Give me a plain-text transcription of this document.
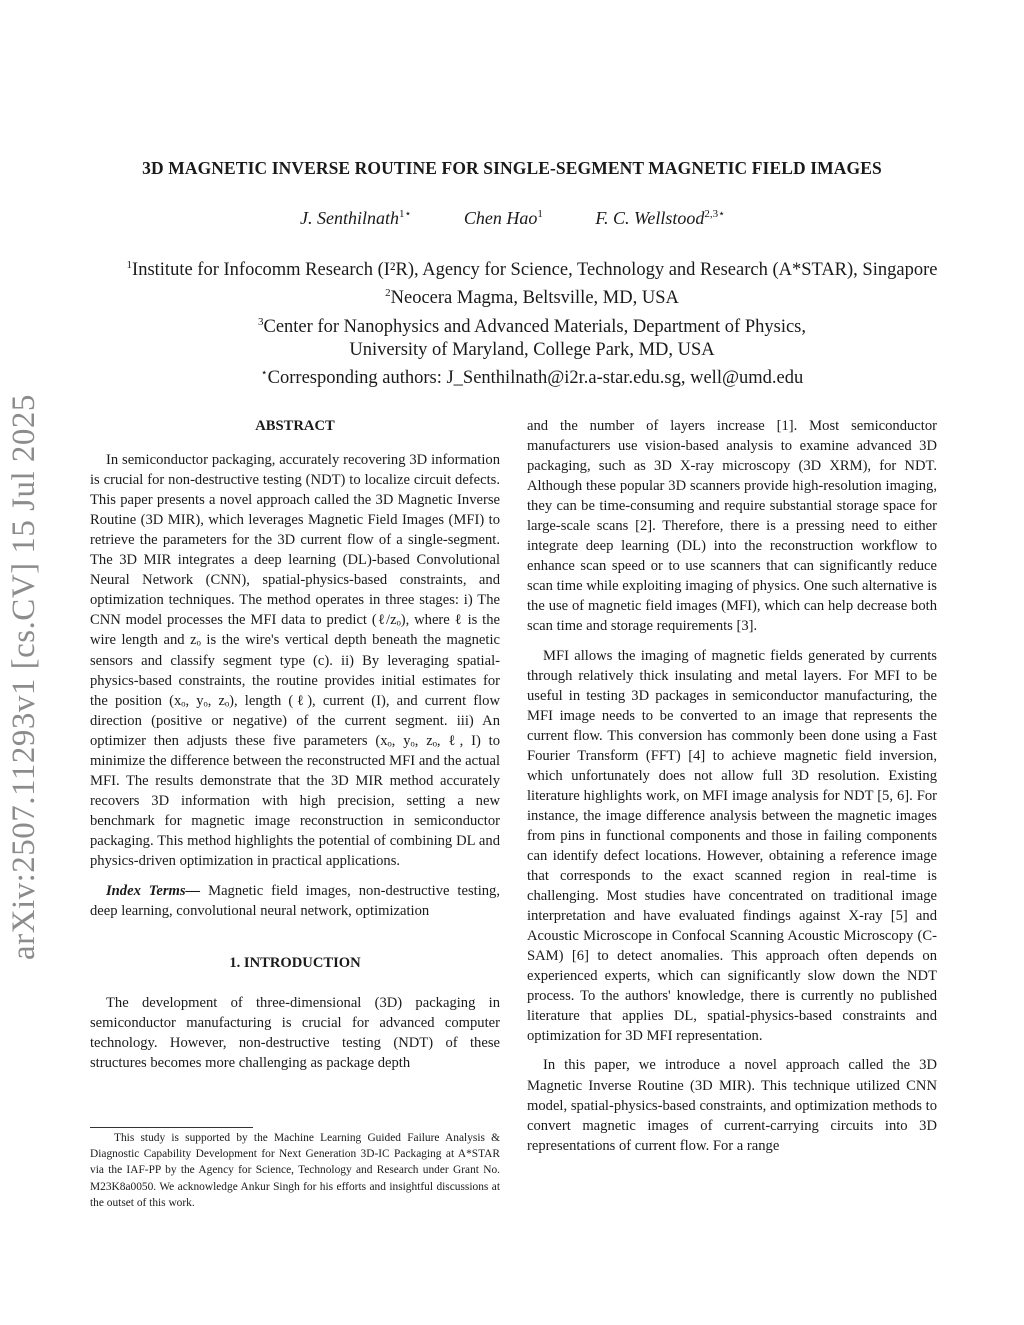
arXiv:2507.11293v1 [cs.CV] 15 Jul 2025
3D MAGNETIC INVERSE ROUTINE FOR SINGLE-SEGMENT MAGNETIC FIELD IMAGES
J. Senthilnath$^{1⋆}$	Chen Hao$^1$	F. C. Wellstood$^{2,3⋆}$
$^1$Institute for Infocomm Research (I²R), Agency for Science, Technology and Research (A*STAR), Singapore
$^2$Neocera Magma, Beltsville, MD, USA
$^3$Center for Nanophysics and Advanced Materials, Department of Physics,
University of Maryland, College Park, MD, USA
⋆Corresponding authors: J_Senthilnath@i2r.a-star.edu.sg, well@umd.edu
ABSTRACT

In semiconductor packaging, accurately recovering 3D information is crucial for non-destructive testing (NDT) to localize circuit defects. This paper presents a novel approach called the 3D Magnetic Inverse Routine (3D MIR), which leverages Magnetic Field Images (MFI) to retrieve the parameters for the 3D current flow of a single-segment. The 3D MIR integrates a deep learning (DL)-based Convolutional Neural Network (CNN), spatial-physics-based constraints, and optimization techniques. The method operates in three stages: i) The CNN model processes the MFI data to predict (ℓ/zₒ), where ℓ is the wire length and zₒ is the wire's vertical depth beneath the magnetic sensors and classify segment type (c). ii) By leveraging spatial-physics-based constraints, the routine provides initial estimates for the position (xₒ, yₒ, zₒ), length (ℓ), current (I), and current flow direction (positive or negative) of the current segment. iii) An optimizer then adjusts these five parameters (xₒ, yₒ, zₒ, ℓ, I) to minimize the difference between the reconstructed MFI and the actual MFI. The results demonstrate that the 3D MIR method accurately recovers 3D information with high precision, setting a new benchmark for magnetic image reconstruction in semiconductor packaging. This method highlights the potential of combining DL and physics-driven optimization in practical applications.

Index Terms— Magnetic field images, non-destructive testing, deep learning, convolutional neural network, optimization

1. INTRODUCTION

The development of three-dimensional (3D) packaging in semiconductor manufacturing is crucial for advanced computer technology. However, non-destructive testing (NDT) of these structures becomes more challenging as package depth

This study is supported by the Machine Learning Guided Failure Analysis & Diagnostic Capability Development for Next Generation 3D-IC Packaging at A*STAR via the IAF-PP by the Agency for Science, Technology and Research under Grant No. M23K8a0050. We acknowledge Ankur Singh for his efforts and insightful discussions at the outset of this work.

and the number of layers increase [1]. Most semiconductor manufacturers use vision-based analysis to examine advanced 3D packaging, such as 3D X-ray microscopy (3D XRM), for NDT. Although these popular 3D scanners provide high-resolution imaging, they can be time-consuming and require substantial storage space for large-scale scans [2]. Therefore, there is a pressing need to either integrate deep learning (DL) into the reconstruction workflow to enhance scan speed or to use scanners that can significantly reduce scan time while exploiting imaging of physics. One such alternative is the use of magnetic field images (MFI), which can help decrease both scan time and storage requirements [3].

MFI allows the imaging of magnetic fields generated by currents through relatively thick insulating and metal layers. For MFI to be useful in testing 3D packages in semiconductor manufacturing, the MFI image needs to be converted to an image that represents the current flow. This conversion has commonly been done using a Fast Fourier Transform (FFT) [4] to achieve magnetic field inversion, which unfortunately does not allow full 3D resolution. Existing literature highlights work, on MFI image analysis for NDT [5, 6]. For instance, the image difference analysis between the magnetic images from pins in functional components and those in failing components can identify defect locations. However, obtaining a reference image that corresponds to the exact scanned region in real-time is challenging. Most studies have concentrated on traditional image interpretation and have evaluated findings against X-ray [5] and Acoustic Microscope in Confocal Scanning Acoustic Microscopy (C-SAM) [6] to detect anomalies. This approach often depends on experienced experts, which can significantly slow down the NDT process. To the authors' knowledge, there is currently no published literature that applies DL, spatial-physics-based constraints and optimization for 3D MFI representation.

In this paper, we introduce a novel approach called the 3D Magnetic Inverse Routine (3D MIR). This technique utilized CNN model, spatial-physics-based constraints, and optimization methods to convert magnetic images of current-carrying circuits into 3D representations of current flow. For a range
